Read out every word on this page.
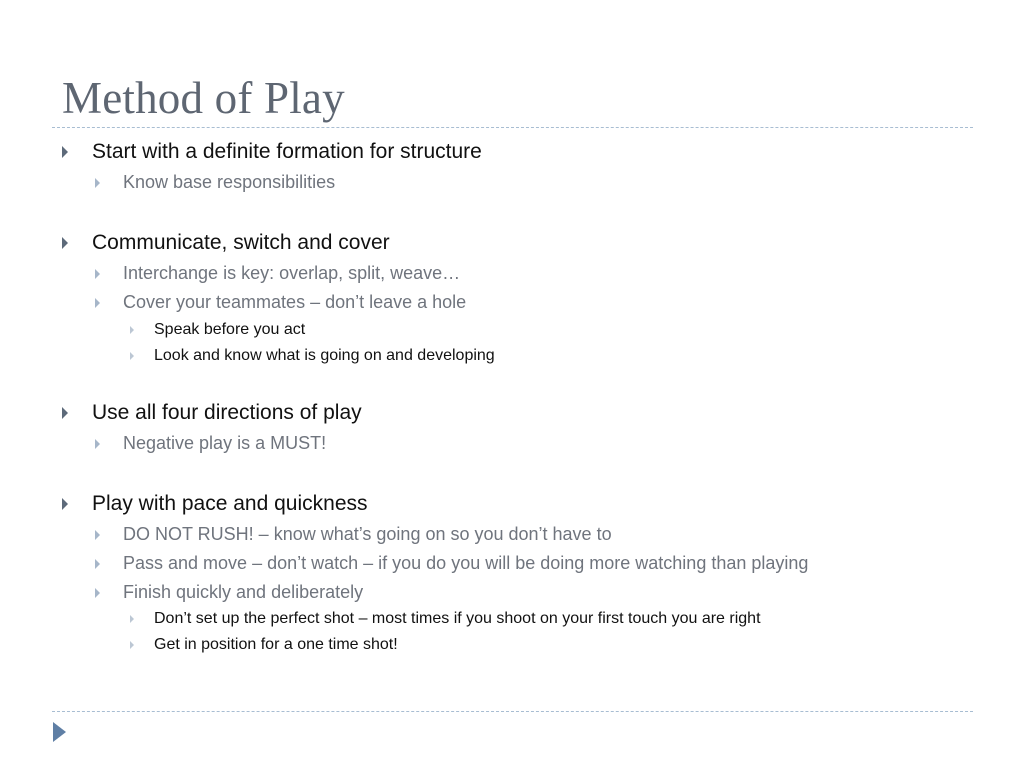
Method of Play
Start with a definite formation for structure
Know base responsibilities
Communicate, switch and cover
Interchange is key: overlap, split, weave…
Cover your teammates – don’t leave a hole
Speak before you act
Look and know what is going on and developing
Use all four directions of play
Negative play is a MUST!
Play with pace and quickness
DO NOT RUSH! – know what’s going on so you don’t have to
Pass and move – don’t watch – if you do you will be doing more watching than playing
Finish quickly and deliberately
Don’t set up the perfect shot – most times if you shoot on your first touch you are right
Get in position for a one time shot!
